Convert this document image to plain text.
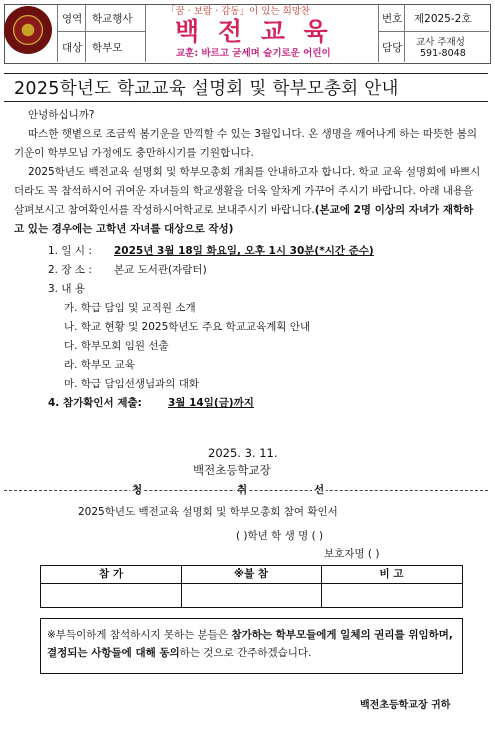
영역 학교행사
대상 학부모
「꿈 · 보람 · 감동」이 있는 희망찬
백 전 교 육
교훈: 바르고 굳세며 슬기로운 어린이
번호 제2025-2호
담당 교사 주재성
591-8048
2025학년도 학교교육 설명회 및 학부모총회 안내
안녕하십니까?
따스한 햇볕으로 조금씩 봄기운을 만끽할 수 있는 3월입니다. 온 생명을 깨어나게 하는 따뜻한 봄의 기운이 학부모님 가정에도 충만하시기를 기원합니다.
2025학년도 백전교육 설명회 및 학부모총회 개최를 안내하고자 합니다. 학교 교육 설명회에 바쁘시더라도 꼭 참석하시어 귀여운 자녀들의 학교생활을 더욱 알차게 가꾸어 주시기 바랍니다. 아래 내용을 살펴보시고 참여확인서를 작성하시어학교로 보내주시기 바랍니다.(본교에 2명 이상의 자녀가 재학하고 있는 경우에는 고학년 자녀를 대상으로 작성)
1. 일 시 : 2025년 3월 18일 화요일, 오후 1시 30분(*시간 준수)
2. 장 소 : 본교 도서관(자람터)
3. 내 용
가. 학급 담임 및 교직원 소개
나. 학교 현황 및 2025학년도 주요 학교교육계획 안내
다. 학부모회 임원 선출
라. 학부모 교육
마. 학급 담임선생님과의 대화
4. 참가확인서 제출: 3월 14일(금)까지
2025. 3. 11.
백전초등학교장
청	취	선
2025학년도 백전교육 설명회 및 학부모총회 참여 확인서
( )학년 학 생 명 ( )
보호자명 ( )
참 가	※불 참	비 고
※부득이하게 참석하시지 못하는 분들은 참가하는 학부모들에게 일체의 권리를 위임하며, 결정되는 사항들에 대해 동의하는 것으로 간주하겠습니다.
백전초등학교장 귀하
